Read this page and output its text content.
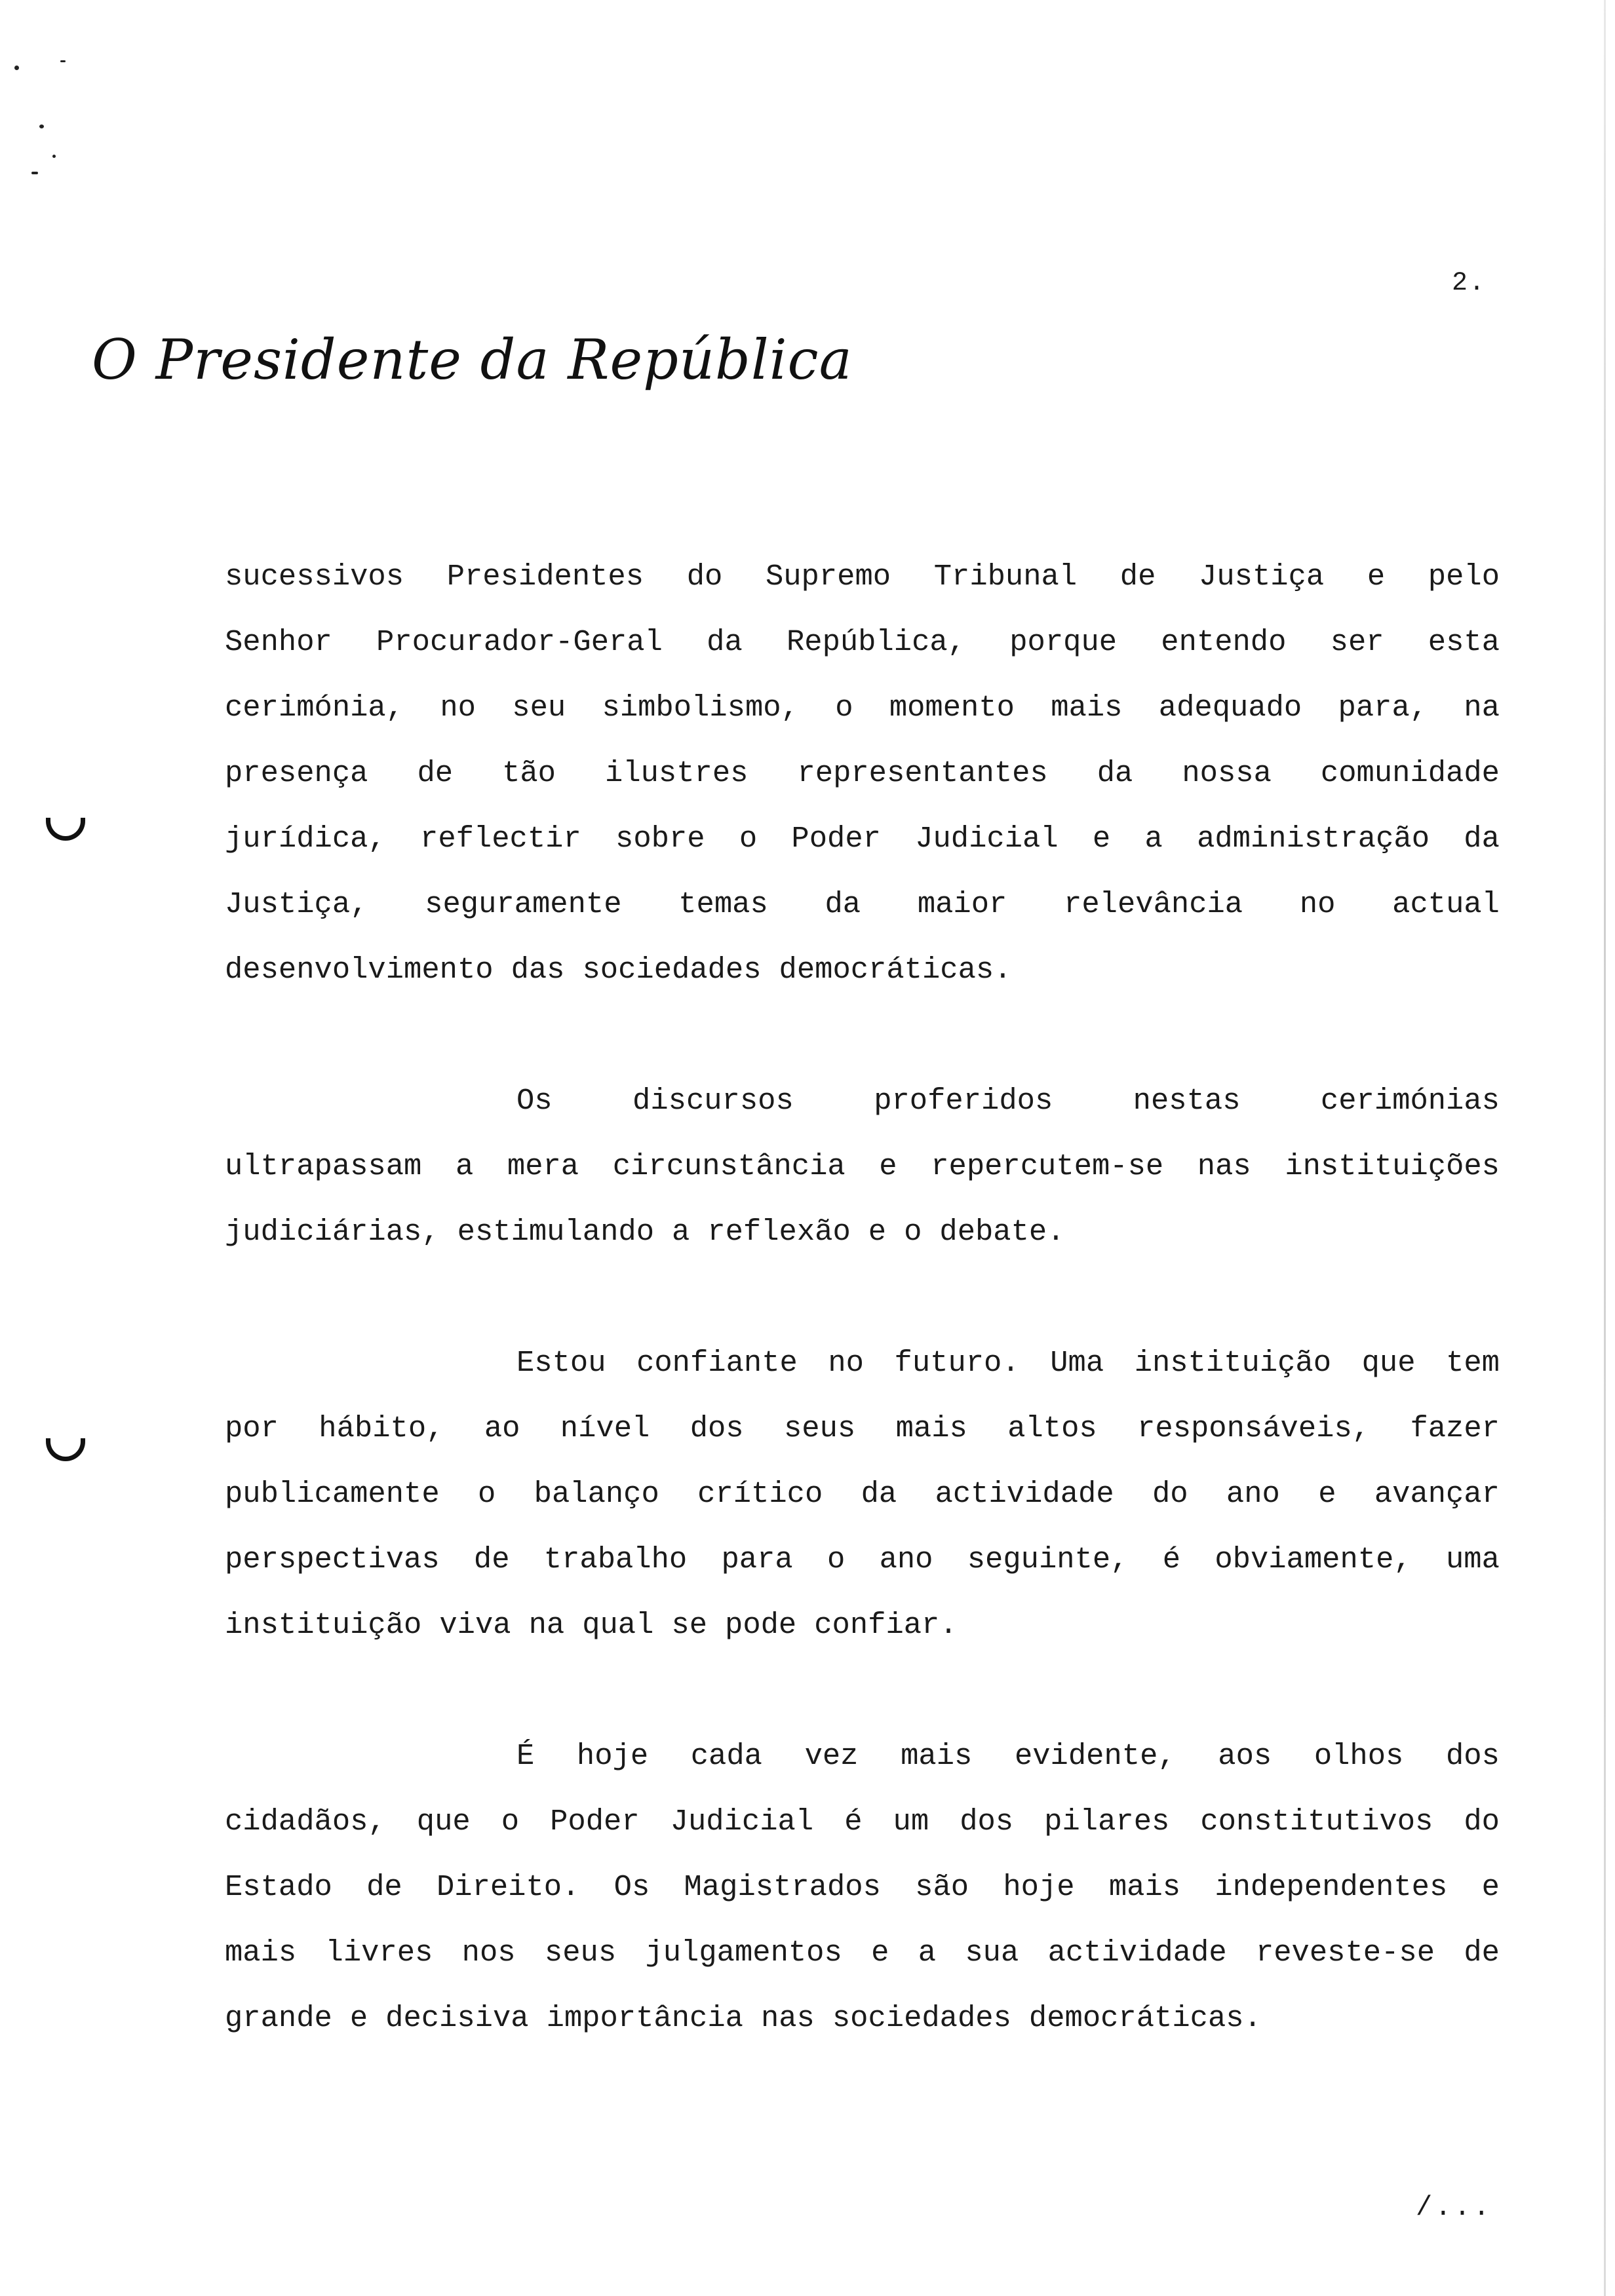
2.
O Presidente da República
sucessivos Presidentes do Supremo Tribunal de Justiça e pelo
Senhor Procurador-Geral da República, porque entendo ser esta
cerimónia, no seu simbolismo, o momento mais adequado para, na
presença de tão ilustres representantes da nossa comunidade
jurídica, reflectir sobre o Poder Judicial e a administração da
Justiça, seguramente temas da maior relevância no actual
desenvolvimento das sociedades democráticas.
Os	discursos	proferidos	nestas	cerimónias
ultrapassam a mera circunstância e repercutem-se nas instituições
judiciárias, estimulando a reflexão e o debate.
Estou confiante no futuro. Uma instituição que tem
por hábito, ao nível dos seus mais altos responsáveis, fazer
publicamente o balanço crítico da actividade do ano e avançar
perspectivas de trabalho para o ano seguinte, é obviamente, uma
instituição viva na qual se pode confiar.
É hoje cada vez mais evidente, aos olhos dos
cidadãos, que o Poder Judicial é um dos pilares constitutivos do
Estado de Direito. Os Magistrados são hoje mais independentes e
mais livres nos seus julgamentos e a sua actividade reveste-se de
grande e decisiva importância nas sociedades democráticas.
/...
